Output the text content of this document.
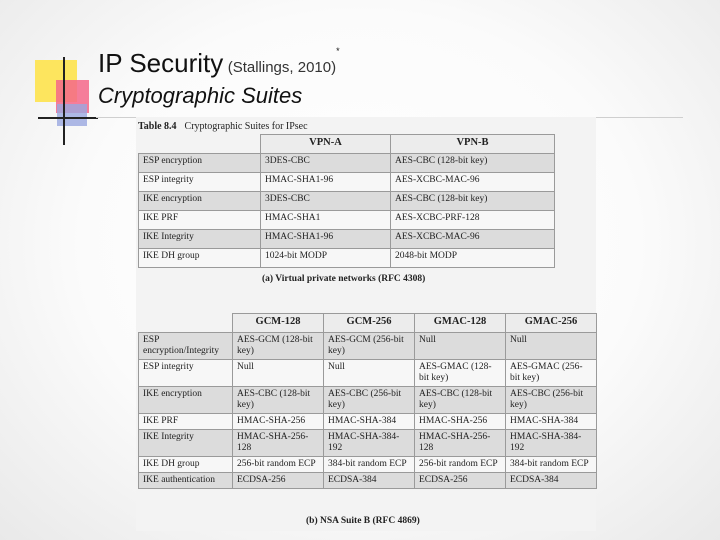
IP Security (Stallings, 2010)*
Cryptographic Suites
Table 8.4 Cryptographic Suites for IPsec
	VPN-A	VPN-B
ESP encryption	3DES-CBC	AES-CBC (128-bit key)
ESP integrity	HMAC-SHA1-96	AES-XCBC-MAC-96
IKE encryption	3DES-CBC	AES-CBC (128-bit key)
IKE PRF	HMAC-SHA1	AES-XCBC-PRF-128
IKE Integrity	HMAC-SHA1-96	AES-XCBC-MAC-96
IKE DH group	1024-bit MODP	2048-bit MODP
(a) Virtual private networks (RFC 4308)
	GCM-128	GCM-256	GMAC-128	GMAC-256
ESP encryption/Integrity	AES-GCM (128-bit key)	AES-GCM (256-bit key)	Null	Null
ESP integrity	Null	Null	AES-GMAC (128-bit key)	AES-GMAC (256-bit key)
IKE encryption	AES-CBC (128-bit key)	AES-CBC (256-bit key)	AES-CBC (128-bit key)	AES-CBC (256-bit key)
IKE PRF	HMAC-SHA-256	HMAC-SHA-384	HMAC-SHA-256	HMAC-SHA-384
IKE Integrity	HMAC-SHA-256-128	HMAC-SHA-384-192	HMAC-SHA-256-128	HMAC-SHA-384-192
IKE DH group	256-bit random ECP	384-bit random ECP	256-bit random ECP	384-bit random ECP
IKE authentication	ECDSA-256	ECDSA-384	ECDSA-256	ECDSA-384
(b) NSA Suite B (RFC 4869)
